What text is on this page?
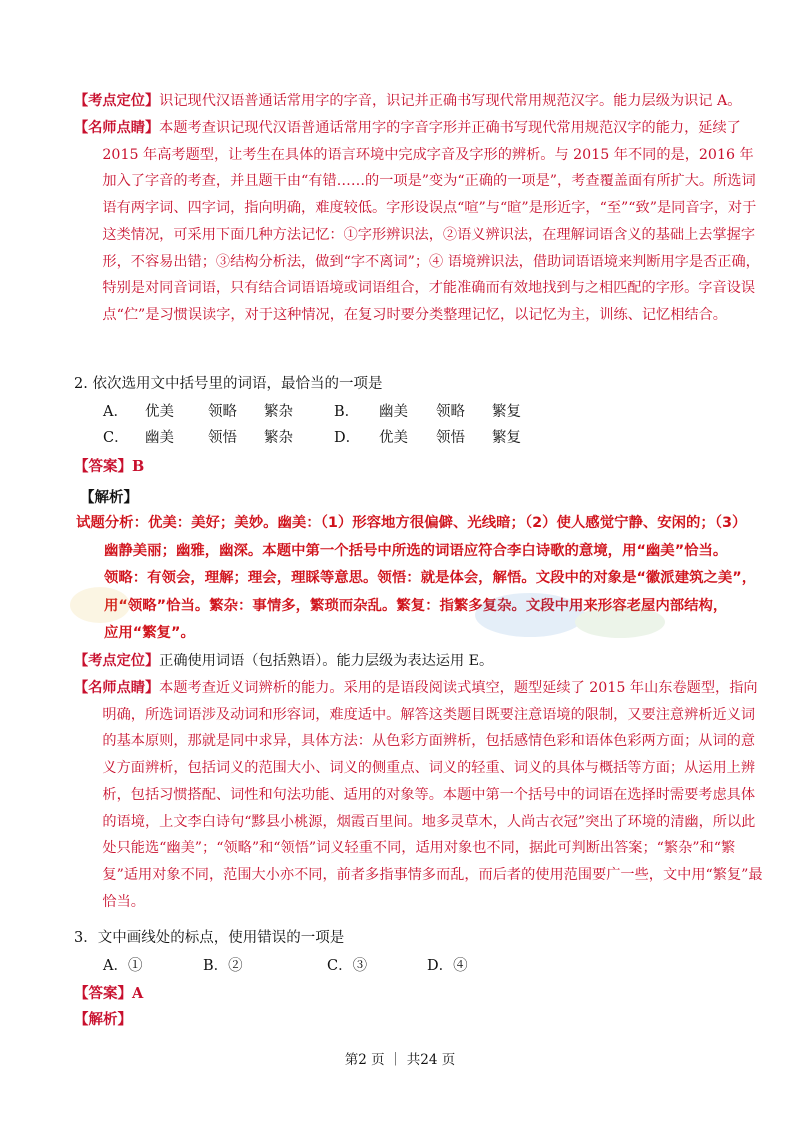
【考点定位】识记现代汉语普通话常用字的字音，识记并正确书写现代常用规范汉字。能力层级为识记 A。

【名师点睛】本题考查识记现代汉语普通话常用字的字音字形并正确书写现代常用规范汉字的能力，延续了 2015 年高考题型，让考生在具体的语言环境中完成字音及字形的辨析。与 2015 年不同的是，2016 年加入了字音的考查，并且题干由“有错……的一项是”变为“正确的一项是”，考查覆盖面有所扩大。所选词语有两字词、四字词，指向明确，难度较低。字形设误点“喧”与“暄”是形近字，“至”“致”是同音字，对于这类情况，可采用下面几种方法记忆：①字形辨识法，②语义辨识法，在理解词语含义的基础上去掌握字形，不容易出错；③结构分析法，做到“字不离词”；④ 语境辨识法，借助词语语境来判断用字是否正确，特别是对同音词语，只有结合词语语境或词语组合，才能准确而有效地找到与之相匹配的字形。字音设误点“伫”是习惯误读字，对于这种情况，在复习时要分类整理记忆，以记忆为主，训练、记忆相结合。

2. 依次选用文中括号里的词语，最恰当的一项是
A．	优美	领略	繁杂	B．	幽美	领略	繁复
C．	幽美	领悟	繁杂	D．	优美	领悟	繁复
【答案】B
【解析】
试题分析：优美：美好；美妙。幽美：（1）形容地方很偏僻、光线暗；（2）使人感觉宁静、安闲的；（3）
幽静美丽；幽雅，幽深。本题中第一个括号中所选的词语应符合李白诗歌的意境，用“幽美”恰当。
领略：有领会，理解；理会，理睬等意思。领悟：就是体会，解悟。文段中的对象是“徽派建筑之美”，
用“领略”恰当。繁杂：事情多，繁琐而杂乱。繁复：指繁多复杂。文段中用来形容老屋内部结构，
应用“繁复”。

【考点定位】正确使用词语（包括熟语）。能力层级为表达运用 E。

【名师点睛】本题考查近义词辨析的能力。采用的是语段阅读式填空，题型延续了 2015 年山东卷题型，指向明确，所选词语涉及动词和形容词，难度适中。解答这类题目既要注意语境的限制，又要注意辨析近义词的基本原则，那就是同中求异，具体方法：从色彩方面辨析，包括感情色彩和语体色彩两方面；从词的意义方面辨析，包括词义的范围大小、词义的侧重点、词义的轻重、词义的具体与概括等方面；从运用上辨析，包括习惯搭配、词性和句法功能、适用的对象等。本题中第一个括号中的词语在选择时需要考虑具体的语境，上文李白诗句“黟县小桃源，烟霞百里间。地多灵草木，人尚古衣冠”突出了环境的清幽，所以此处只能选“幽美”；“领略”和“领悟”词义轻重不同，适用对象也不同，据此可判断出答案；“繁杂”和“繁复”适用对象不同，范围大小亦不同，前者多指事情多而乱，而后者的使用范围要广一些，文中用“繁复”最恰当。

3．文中画线处的标点，使用错误的一项是
A．①	B．②	C．③	D．④
【答案】A
【解析】
第2 页 ｜ 共24 页
